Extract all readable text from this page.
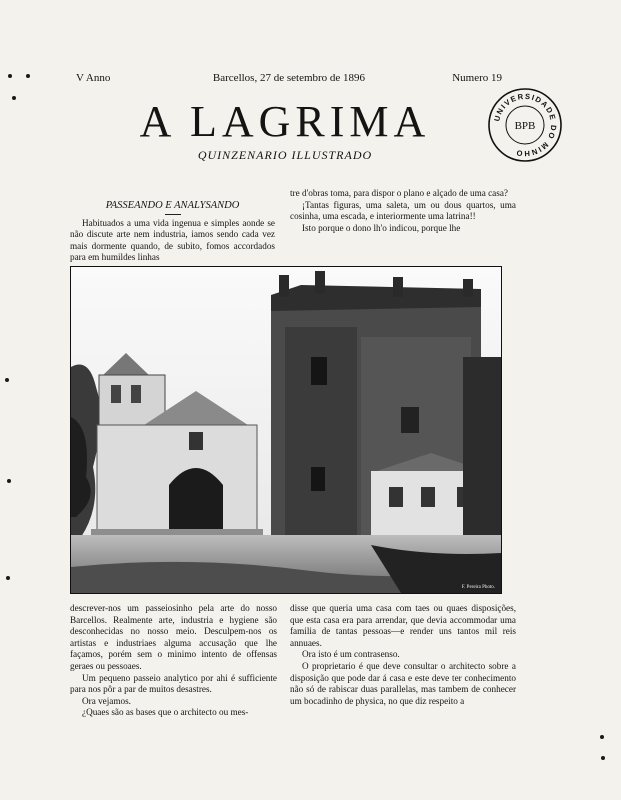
V Anno	Barcellos, 27 de setembro de 1896	Numero 19
A LAGRIMA
QUINZENARIO ILLUSTRADO
UNIVERSIDADE DO MINHO
BPB

PASSEANDO E ANALYSANDO

Habituados a uma vida ingenua e simples aonde se não discute arte nem industria, iamos sendo cada vez mais dormente quando, de subito, fomos accordados para em humildes linhas

tre d'obras toma, para dispor o plano e alçado de uma casa?

¡Tantas figuras, uma saleta, um ou dous quartos, uma cosinha, uma escada, e interiormente uma latrina!!

Isto porque o dono lh'o indicou, porque lhe

F. Pereira Photo.

descrever-nos um passeiosinho pela arte do nosso Barcellos. Realmente arte, industria e hygiene são desconhecidas no nosso meio. Desculpem-nos os artistas e industriaes alguma accusação que lhe façamos, porém sem o minimo intento de offensas geraes ou pessoaes.

Um pequeno passeio analytico por ahi é sufficiente para nos pôr a par de muitos desastres.

Ora vejamos.

¿Quaes são as bases que o architecto ou mes-

disse que queria uma casa com taes ou quaes disposições, que esta casa era para arrendar, que devia accommodar uma familia de tantas pessoas—e render uns tantos mil reis annuaes.

Ora isto é um contrasenso.

O proprietario é que deve consultar o architecto sobre a disposição que pode dar á casa e este deve ter conhecimento não só de rabiscar duas parallelas, mas tambem de conhecer um bocadinho de physica, no que diz respeito a
